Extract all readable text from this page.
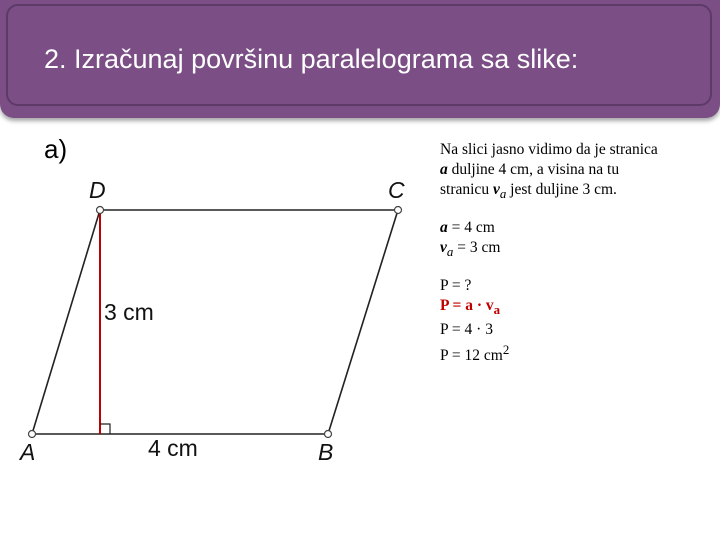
2. Izračunaj površinu paralelograma sa slike:
a)
D	C
A	B
3 cm
4 cm
Na slici jasno vidimo da je stranica
a duljine 4 cm, a visina na tu
stranicu $v_a$ jest duljine 3 cm.
a = 4 cm
$v_a = 3$ cm
P = ?
$P = a \cdot v_a$
P = 4 · 3
P = 12 $cm^2$
